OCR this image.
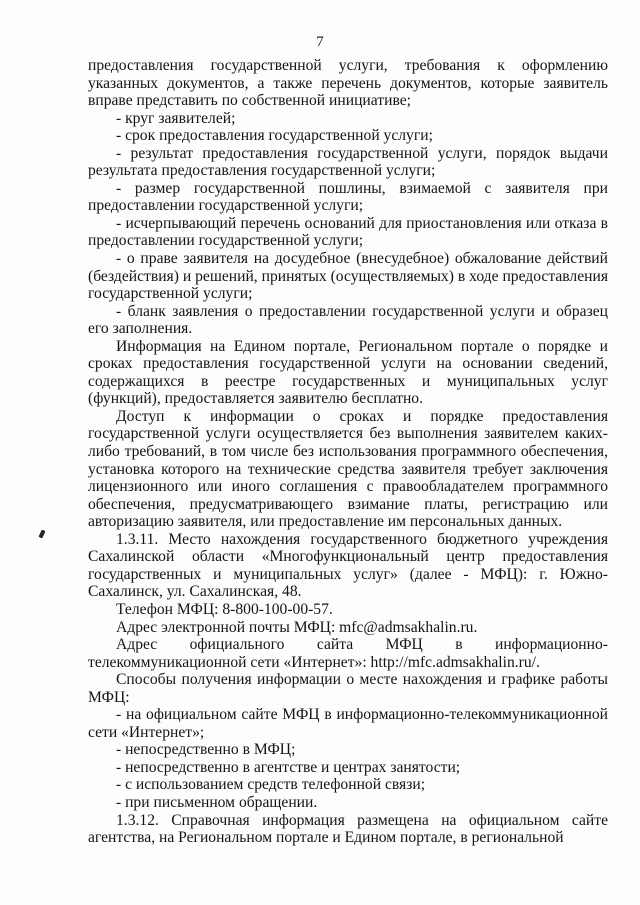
7

предоставления государственной услуги, требования к оформлению указанных документов, а также перечень документов, которые заявитель вправе представить по собственной инициативе;

- круг заявителей;

- срок предоставления государственной услуги;

- результат предоставления государственной услуги, порядок выдачи результата предоставления государственной услуги;

- размер государственной пошлины, взимаемой с заявителя при предоставлении государственной услуги;

- исчерпывающий перечень оснований для приостановления или отказа в предоставлении государственной услуги;

- о праве заявителя на досудебное (внесудебное) обжалование действий (бездействия) и решений, принятых (осуществляемых) в ходе предоставления государственной услуги;

- бланк заявления о предоставлении государственной услуги и образец его заполнения.

Информация на Едином портале, Региональном портале о порядке и сроках предоставления государственной услуги на основании сведений, содержащихся в реестре государственных и муниципальных услуг (функций), предоставляется заявителю бесплатно.

Доступ к информации о сроках и порядке предоставления государственной услуги осуществляется без выполнения заявителем каких-либо требований, в том числе без использования программного обеспечения, установка которого на технические средства заявителя требует заключения лицензионного или иного соглашения с правообладателем программного обеспечения, предусматривающего взимание платы, регистрацию или авторизацию заявителя, или предоставление им персональных данных.

1.3.11. Место нахождения государственного бюджетного учреждения Сахалинской области «Многофункциональный центр предоставления государственных и муниципальных услуг» (далее - МФЦ): г. Южно-Сахалинск, ул. Сахалинская, 48.

Телефон МФЦ: 8-800-100-00-57.

Адрес электронной почты МФЦ: mfc@admsakhalin.ru.

Адрес официального сайта МФЦ в информационно-телекоммуникационной сети «Интернет»: http://mfc.admsakhalin.ru/.

Способы получения информации о месте нахождения и графике работы МФЦ:

- на официальном сайте МФЦ в информационно-телекоммуникационной сети «Интернет»;

- непосредственно в МФЦ;

- непосредственно в агентстве и центрах занятости;

- с использованием средств телефонной связи;

- при письменном обращении.

1.3.12. Справочная информация размещена на официальном сайте агентства, на Региональном портале и Едином портале, в региональной
